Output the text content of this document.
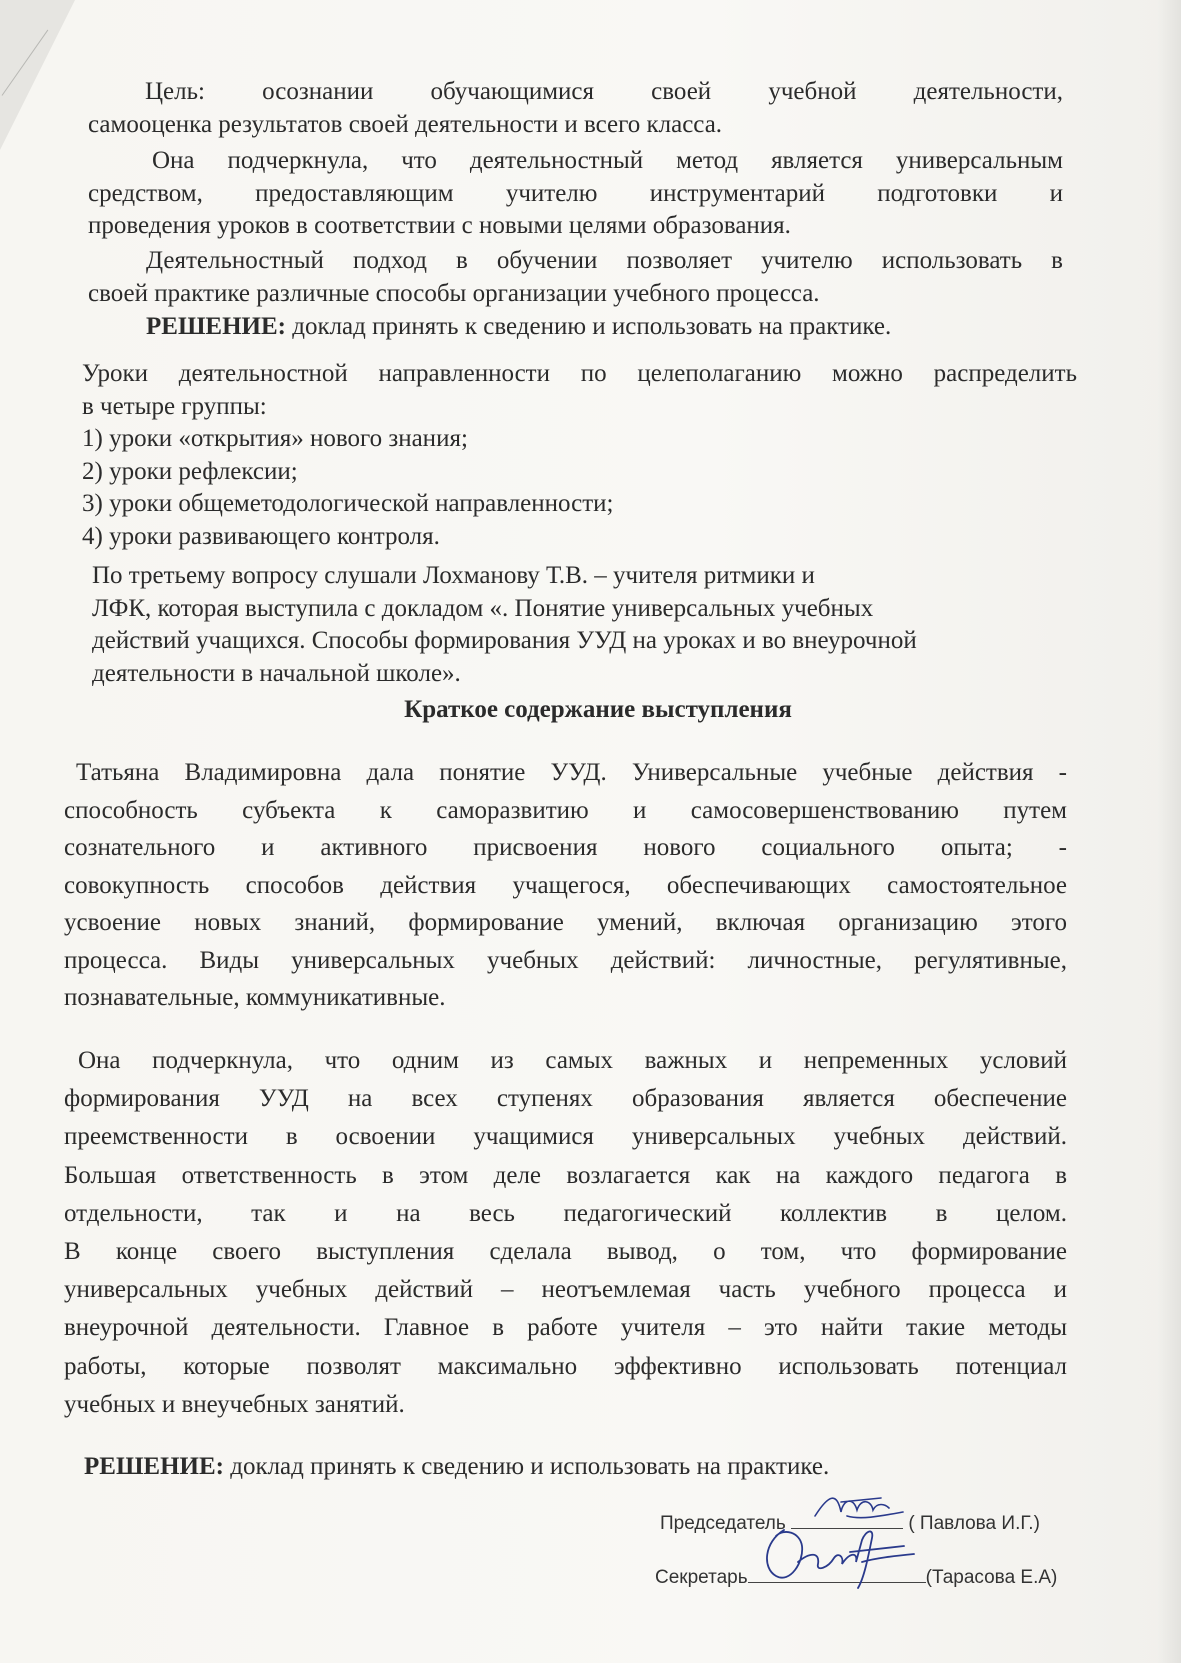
Цель: осознании обучающимися своей учебной деятельности,
самооценка результатов своей деятельности и всего класса.
Она подчеркнула, что деятельностный метод является универсальным
средством, предоставляющим учителю инструментарий подготовки и
проведения уроков в соответствии с новыми целями образования.
Деятельностный подход в обучении позволяет учителю использовать в
своей практике различные способы организации учебного процесса.
РЕШЕНИЕ: доклад принять к сведению и использовать на практике.
Уроки деятельностной направленности по целеполаганию можно распределить
в четыре группы:
1) уроки «открытия» нового знания;
2) уроки рефлексии;
3) уроки общеметодологической направленности;
4) уроки развивающего контроля.
По третьему вопросу слушали Лохманову Т.В. – учителя ритмики и
ЛФК, которая выступила с докладом «. Понятие универсальных учебных
действий учащихся. Способы формирования УУД на уроках и во внеурочной
деятельности в начальной школе».
Краткое содержание выступления
Татьяна Владимировна дала понятие УУД. Универсальные учебные действия -
способность субъекта к саморазвитию и самосовершенствованию путем
сознательного и активного присвоения нового социального опыта; -
совокупность способов действия учащегося, обеспечивающих самостоятельное
усвоение новых знаний, формирование умений, включая организацию этого
процесса. Виды универсальных учебных действий: личностные, регулятивные,
познавательные, коммуникативные.
Она подчеркнула, что одним из самых важных и непременных условий
формирования УУД на всех ступенях образования является обеспечение
преемственности в освоении учащимися универсальных учебных действий.
Большая ответственность в этом деле возлагается как на каждого педагога в
отдельности, так и на весь педагогический коллектив в целом.
В конце своего выступления сделала вывод, о том, что формирование
универсальных учебных действий – неотъемлемая часть учебного процесса и
внеурочной деятельности. Главное в работе учителя – это найти такие методы
работы, которые позволят максимально эффективно использовать потенциал
учебных и внеучебных занятий.
РЕШЕНИЕ: доклад принять к сведению и использовать на практике.
Председатель	( Павлова И.Г.)
Секретарь	(Тарасова Е.А)
